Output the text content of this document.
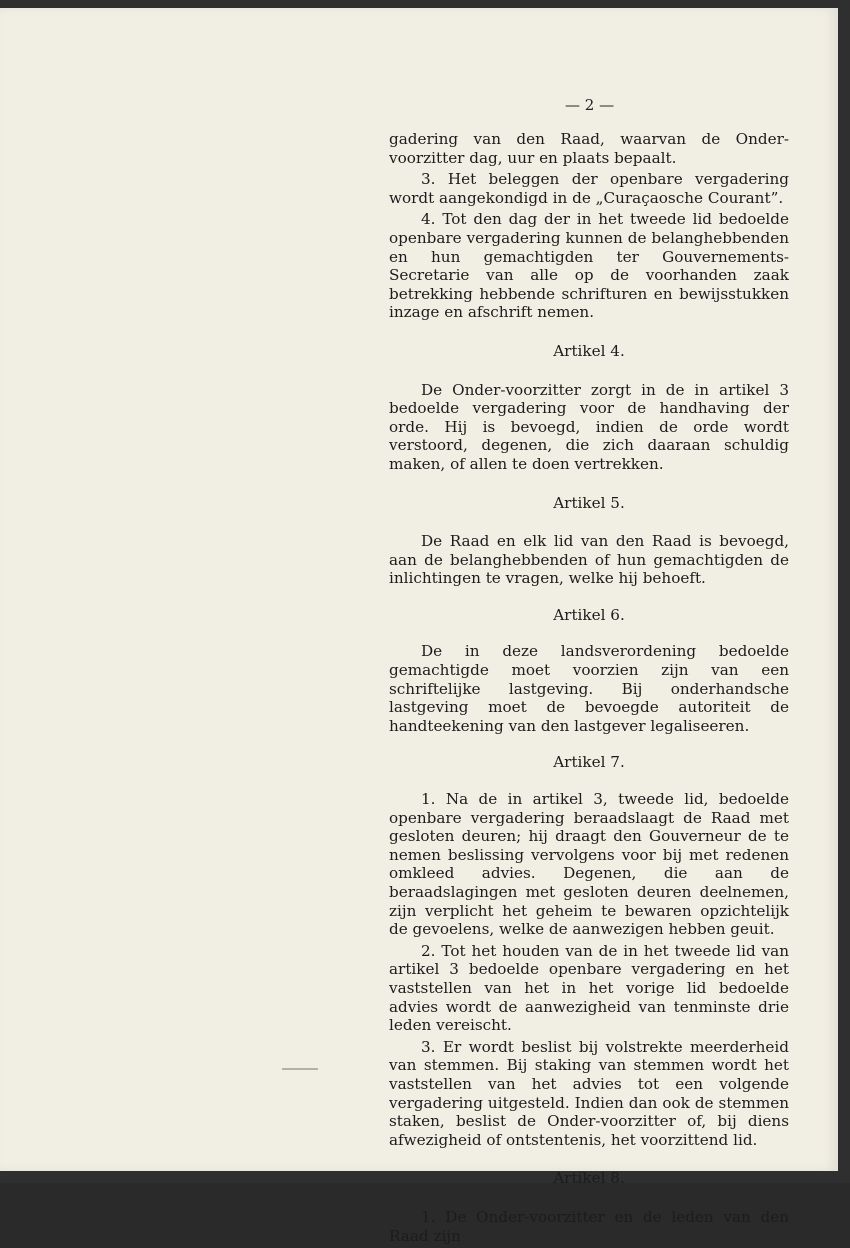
— 2 —

gadering van den Raad, waarvan de Onder-voorzitter dag, uur en plaats bepaalt.

3. Het beleggen der openbare vergadering wordt aangekondigd in de „Curaçaosche Courant”.

4. Tot den dag der in het tweede lid bedoelde openbare vergadering kunnen de belanghebbenden en hun gemachtigden ter Gouvernements-Secretarie van alle op de voorhanden zaak betrekking hebbende schrifturen en bewijsstukken inzage en afschrift nemen.

Artikel 4.

De Onder-voorzitter zorgt in de in artikel 3 bedoelde vergadering voor de handhaving der orde. Hij is bevoegd, indien de orde wordt verstoord, degenen, die zich daaraan schuldig maken, of allen te doen vertrekken.

Artikel 5.

De Raad en elk lid van den Raad is bevoegd, aan de belanghebbenden of hun gemachtigden de inlichtingen te vragen, welke hij behoeft.

Artikel 6.

De in deze landsverordening bedoelde gemachtigde moet voorzien zijn van een schriftelijke lastgeving. Bij onderhandsche lastgeving moet de bevoegde autoriteit de handteekening van den lastgever legaliseeren.

Artikel 7.

1. Na de in artikel 3, tweede lid, bedoelde openbare vergadering beraadslaagt de Raad met gesloten deuren; hij draagt den Gouverneur de te nemen beslissing vervolgens voor bij met redenen omkleed advies. Degenen, die aan de beraadslagingen met gesloten deuren deelnemen, zijn verplicht het geheim te bewaren opzichtelijk de gevoelens, welke de aanwezigen hebben geuit.

2. Tot het houden van de in het tweede lid van artikel 3 bedoelde openbare vergadering en het vaststellen van het in het vorige lid bedoelde advies wordt de aanwezigheid van tenminste drie leden vereischt.

3. Er wordt beslist bij volstrekte meerderheid van stemmen. Bij staking van stemmen wordt het vaststellen van het advies tot een volgende vergadering uitgesteld. Indien dan ook de stemmen staken, beslist de Onder-voorzitter of, bij diens afwezigheid of ontstentenis, het voorzittend lid.

Artikel 8.

1. De Onder-voorzitter en de leden van den Raad zijn
